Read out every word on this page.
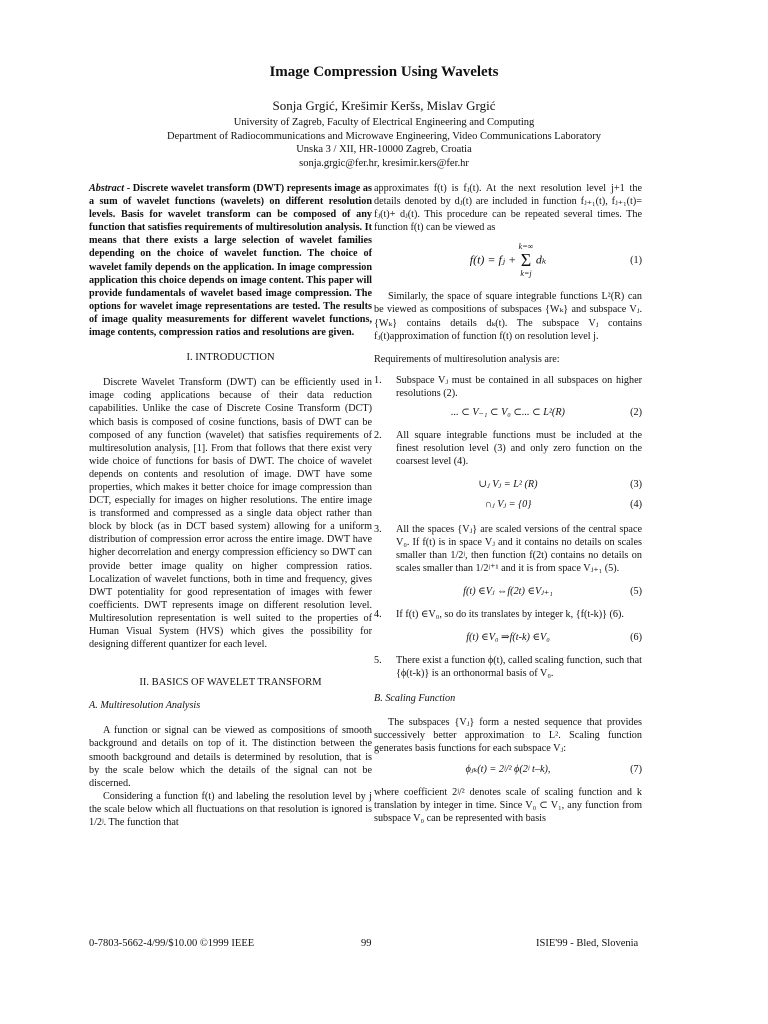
Image Compression Using Wavelets
Sonja Grgić, Krešimir Keršs, Mislav Grgić
University of Zagreb, Faculty of Electrical Engineering and Computing
Department of Radiocommunications and Microwave Engineering, Video Communications Laboratory
Unska 3 / XII, HR-10000 Zagreb, Croatia
sonja.grgic@fer.hr, kresimir.kers@fer.hr

Abstract - Discrete wavelet transform (DWT) represents image as a sum of wavelet functions (wavelets) on different resolution levels. Basis for wavelet transform can be composed of any function that satisfies requirements of multiresolution analysis. It means that there exists a large selection of wavelet families depending on the choice of wavelet function. The choice of wavelet family depends on the application. In image compression application this choice depends on image content. This paper will provide fundamentals of wavelet based image compression. The options for wavelet image representations are tested. The results of image quality measurements for different wavelet functions, image contents, compression ratios and resolutions are given.

I. INTRODUCTION

Discrete Wavelet Transform (DWT) can be efficiently used in image coding applications because of their data reduction capabilities. Unlike the case of Discrete Cosine Transform (DCT) which basis is composed of cosine functions, basis of DWT can be composed of any function (wavelet) that satisfies requirements of multiresolution analysis, [1]. From that follows that there exist very wide choice of functions for basis of DWT. The choice of wavelet depends on contents and resolution of image. DWT have some properties, which makes it better choice for image compression than DCT, especially for images on higher resolutions. The entire image is transformed and compressed as a single data object rather than block by block (as in DCT based system) allowing for a uniform distribution of compression error across the entire image. DWT have higher decorrelation and energy compression efficiency so DWT can provide better image quality on higher compression ratios. Localization of wavelet functions, both in time and frequency, gives DWT potentiality for good representation of images with fewer coefficients. DWT represents image on different resolution level. Multiresolution representation is well suited to the properties of Human Visual System (HVS) which gives the possibility for designing different quantizer for each level.

II. BASICS OF WAVELET TRANSFORM

A. Multiresolution Analysis

A function or signal can be viewed as compositions of smooth background and details on top of it. The distinction between the smooth background and details is determined by resolution, that is by the scale below which the details of the signal can not be discerned.

Considering a function f(t) and labeling the resolution level by j the scale below which all fluctuations on that resolution is ignored is 1/2ʲ. The function that

approximates f(t) is fⱼ(t). At the next resolution level j+1 the details denoted by dⱼ(t) are included in function fⱼ₊₁(t), fⱼ₊₁(t)= fⱼ(t)+ dⱼ(t). This procedure can be repeated several times. The function f(t) can be viewed as

f(t) = fⱼ + k=∞
Σ
k=j dₖ	(1)

Similarly, the space of square integrable functions L²(R) can be viewed as compositions of subspaces {Wₖ} and subspace Vⱼ. {Wₖ} contains details dₖ(t). The subspace Vⱼ contains fⱼ(t)approximation of function f(t) on resolution level j.

Requirements of multiresolution analysis are:

1. Subspace Vⱼ must be contained in all subspaces on higher resolutions (2).
... ⊂ V₋₁ ⊂ V₀ ⊂... ⊂ L²(R)	(2)
2. All square integrable functions must be included at the finest resolution level (3) and only zero function on the coarsest level (4).
∪ⱼ Vⱼ = L² (R)	(3)
∩ⱼ Vⱼ = {0}	(4)
3. All the spaces {Vⱼ} are scaled versions of the central space V₀. If f(t) is in space Vⱼ and it contains no details on scales smaller than 1/2ʲ, then function f(2t) contains no details on scales smaller than 1/2ʲ⁺¹ and it is from space Vⱼ₊₁ (5).
f(t) ∈Vⱼ ⇔f(2t) ∈Vⱼ₊₁	(5)
4. If f(t) ∈V₀, so do its translates by integer k, {f(t-k)} (6).
f(t) ∈V₀ ⇒f(t-k) ∈V₀	(6)
5. There exist a function ϕ(t), called scaling function, such that {ϕ(t-k)} is an orthonormal basis of V₀.

B. Scaling Function

The subspaces {Vⱼ} form a nested sequence that provides successively better approximation to L². Scaling function generates basis functions for each subspace Vⱼ:

ϕⱼₖ(t) = 2ʲ/² ϕ(2ʲ t–k),	(7)

where coefficient 2ʲ/² denotes scale of scaling function and k translation by integer in time. Since V₀ ⊂ V₁, any function from subspace V₀ can be represented with basis

0-7803-5662-4/99/$10.00 ©1999 IEEE	99	ISIE'99 - Bled, Slovenia
